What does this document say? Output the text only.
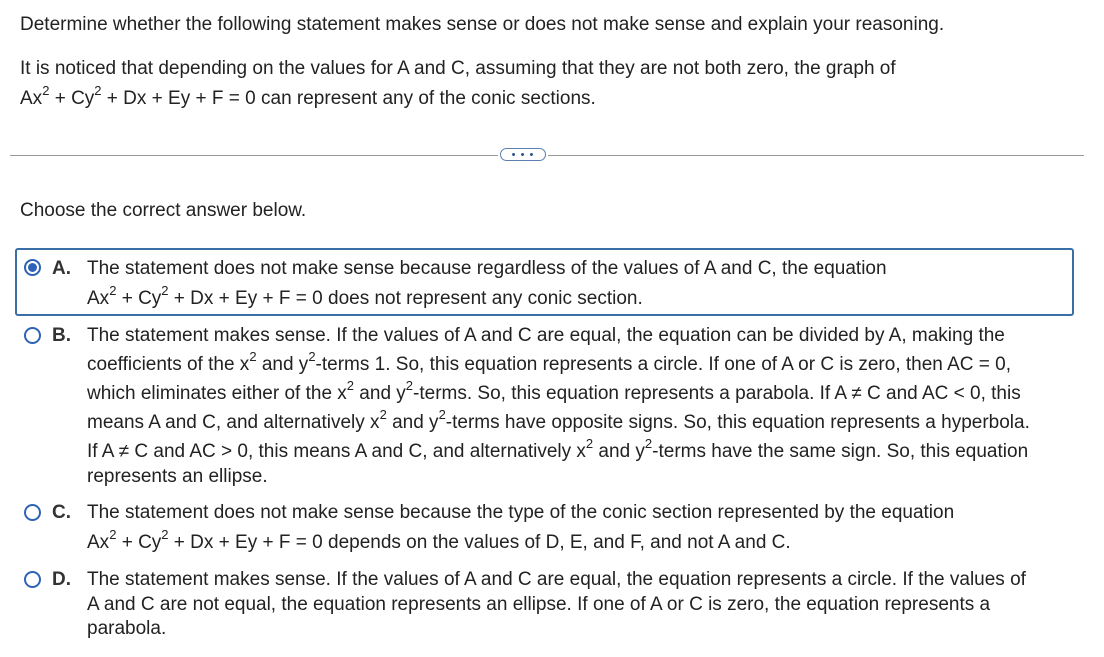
Determine whether the following statement makes sense or does not make sense and explain your reasoning.
It is noticed that depending on the values for A and C, assuming that they are not both zero, the graph of
$Ax^2 + Cy^2 + Dx + Ey + F = 0$ can represent any of the conic sections.
• • •
Choose the correct answer below.
A. The statement does not make sense because regardless of the values of A and C, the equation
$Ax^2 + Cy^2 + Dx + Ey + F = 0$ does not represent any conic section.
B. The statement makes sense. If the values of A and C are equal, the equation can be divided by A, making the
coefficients of the $x^2$ and $y^2$-terms 1. So, this equation represents a circle. If one of A or C is zero, then AC = 0,
which eliminates either of the $x^2$ and $y^2$-terms. So, this equation represents a parabola. If A ≠ C and AC < 0, this
means A and C, and alternatively $x^2$ and $y^2$-terms have opposite signs. So, this equation represents a hyperbola.
If A ≠ C and AC > 0, this means A and C, and alternatively $x^2$ and $y^2$-terms have the same sign. So, this equation
represents an ellipse.
C. The statement does not make sense because the type of the conic section represented by the equation
$Ax^2 + Cy^2 + Dx + Ey + F = 0$ depends on the values of D, E, and F, and not A and C.
D. The statement makes sense. If the values of A and C are equal, the equation represents a circle. If the values of
A and C are not equal, the equation represents an ellipse. If one of A or C is zero, the equation represents a
parabola.
